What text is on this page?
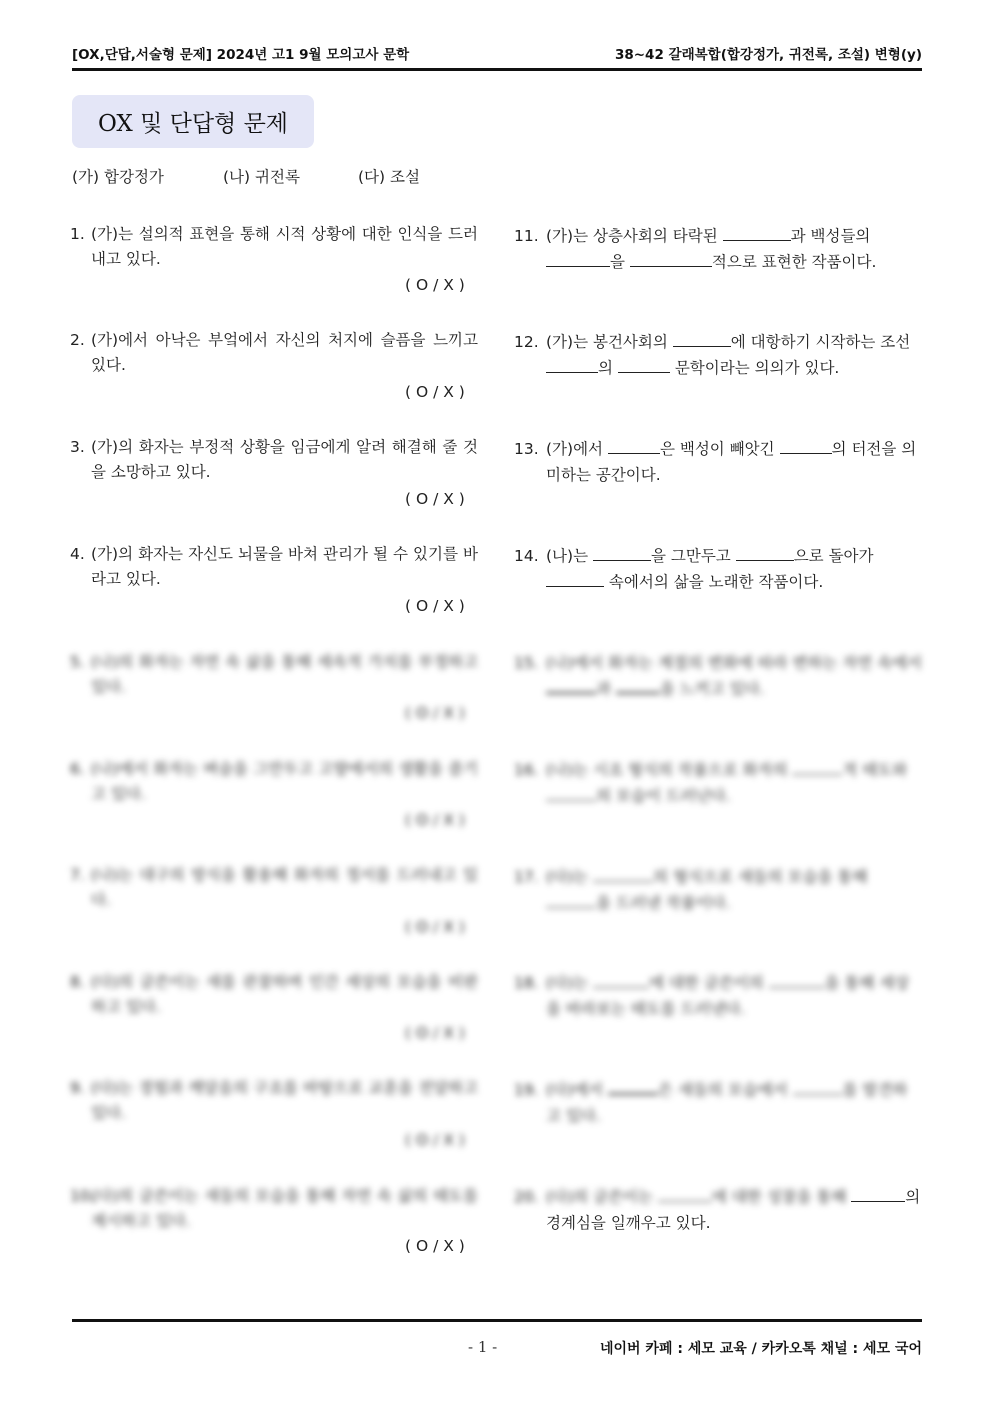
[OX,단답,서술형 문제] 2024년 고1 9월 모의고사 문학	38~42 갈래복합(합강정가, 귀전록, 조설) 변형(y)
OX 및 단답형 문제
(가) 합강정가	(나) 귀전록	(다) 조설
1. (가)는 설의적 표현을 통해 시적 상황에 대한 인식을 드러내고 있다.
( O / X )
2. (가)에서 아낙은 부엌에서 자신의 처지에 슬픔을 느끼고 있다.
( O / X )
3. (가)의 화자는 부정적 상황을 임금에게 알려 해결해 줄 것을 소망하고 있다.
( O / X )
4. (가)의 화자는 자신도 뇌물을 바쳐 관리가 될 수 있기를 바라고 있다.
( O / X )
5. (나)의 화자는 자연 속 삶을 통해 세속적 가치를 부정하고 있다.
( O / X )
6. (나)에서 화자는 벼슬을 그만두고 고향에서의 생활을 즐기고 있다.
( O / X )
7. (나)는 대구의 방식을 활용해 화자의 정서를 드러내고 있다.
( O / X )
8. (다)의 글쓴이는 새를 관찰하며 인간 세상의 모습을 비판하고 있다.
( O / X )
9. (다)는 경험과 깨달음의 구조를 바탕으로 교훈을 전달하고 있다.
( O / X )
10.
(다)의 글쓴이는 새들의 모습을 통해 자연 속 삶의 태도를 제시하고 있다.
( O / X )
11. (가)는 상층사회의 타락된	과 백성들의 을	적으로 표현한 작품이다.
12. (가)는 봉건사회의	에 대항하기 시작하는 조선 의	문학이라는 의의가 있다.
13. (가)에서	은 백성이 빼앗긴	의 터전을 의미하는 공간이다.
14. (나)는	을 그만두고	으로 돌아가  속에서의 삶을 노래한 작품이다.
15. (나)에서 화자는 계절의 변화에 따라 변하는 자연 속에서 과	을 느끼고 있다.
16. (나)는 시조 형식의 작품으로 화자의	적 태도와 의 모습이 드러난다.
17. (다)는	의 형식으로 새들의 모습을 통해 을 드러낸 작품이다.
18. (다)는	에 대한 글쓴이의	을 통해 세상을 바라보는 태도를 드러낸다.
19. (다)에서	은 새들의 모습에서	를 발견하고 있다.
20. (다)의 글쓴이는	에 대한 성찰을 통해	의 경계심을 일깨우고 있다.
- 1 -	네이버 카페 : 세모 교육 / 카카오톡 채널 : 세모 국어
